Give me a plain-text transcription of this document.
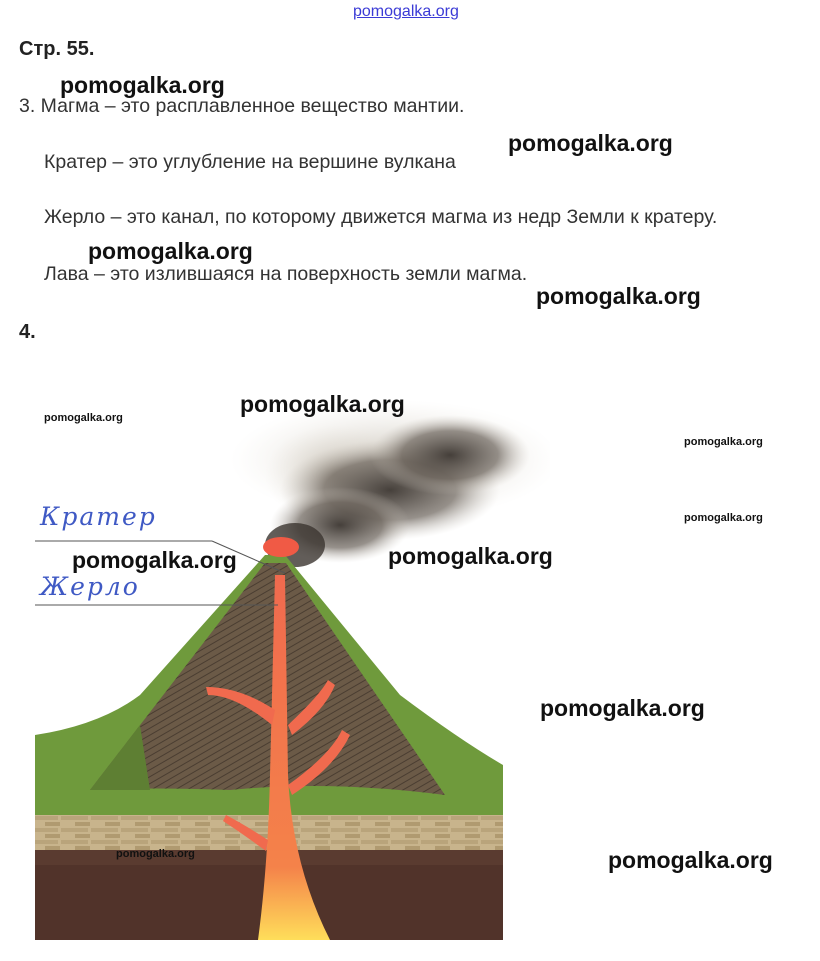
pomogalka.org
Стр. 55.
3. Магма – это расплавленное вещество мантии.
Кратер – это углубление на вершине вулкана
Жерло – это канал, по которому движется магма из недр Земли к кратеру.
Лава – это излившаяся на поверхность земли магма.
4.
Кратер
Жерло
pomogalka.org
pomogalka.org
pomogalka.org
pomogalka.org
pomogalka.org
pomogalka.org
pomogalka.org
pomogalka.org
pomogalka.org	pomogalka.org
pomogalka.org
pomogalka.org	pomogalka.org
